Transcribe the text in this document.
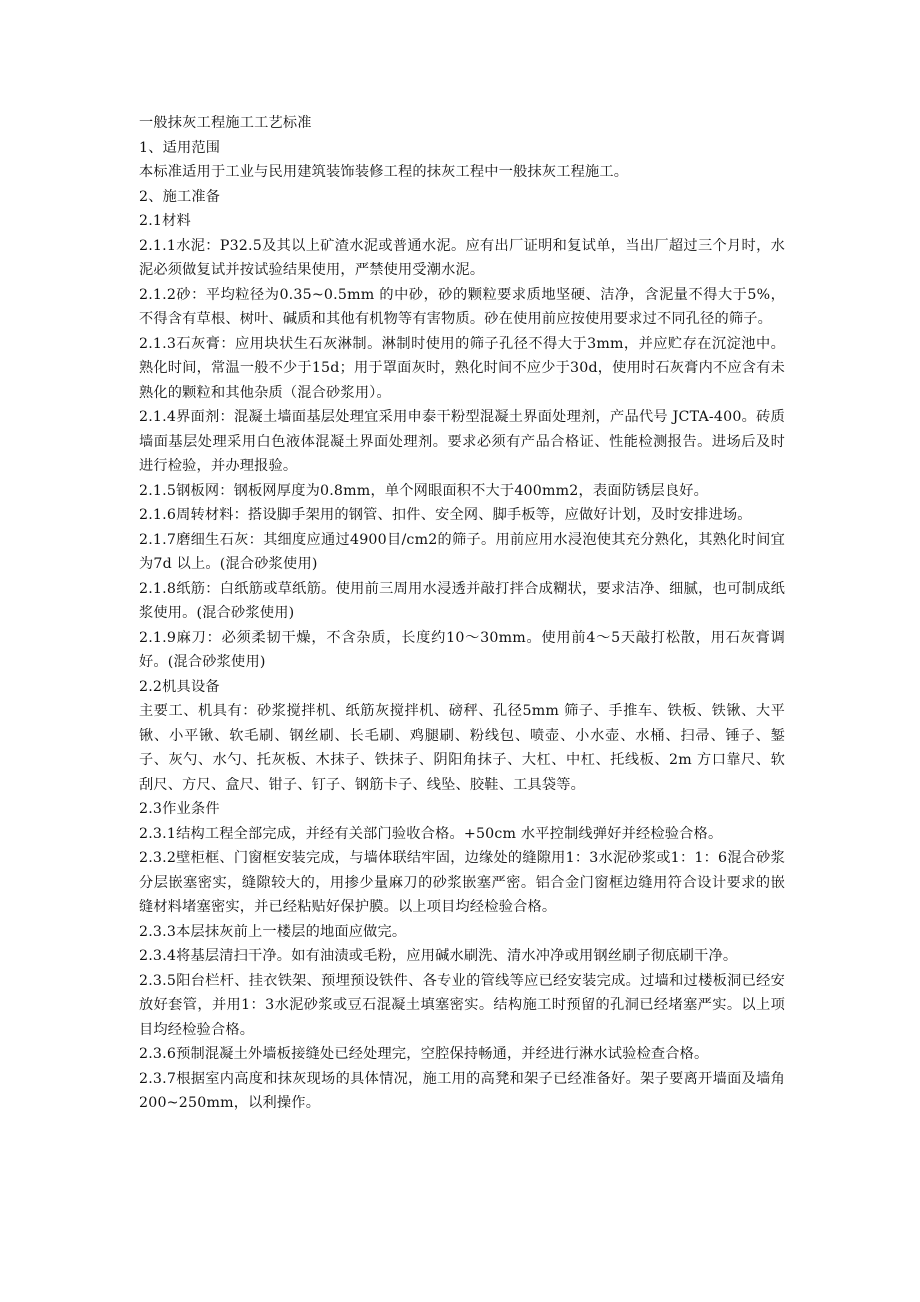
一般抹灰工程施工工艺标准

1、适用范围

本标准适用于工业与民用建筑装饰装修工程的抹灰工程中一般抹灰工程施工。

2、施工准备

2.1材料

2.1.1水泥：P32.5及其以上矿渣水泥或普通水泥。应有出厂证明和复试单，当出厂超过三个月时，水泥必须做复试并按试验结果使用，严禁使用受潮水泥。

2.1.2砂：平均粒径为0.35~0.5mm 的中砂，砂的颗粒要求质地坚硬、洁净，含泥量不得大于5%，不得含有草根、树叶、碱质和其他有机物等有害物质。砂在使用前应按使用要求过不同孔径的筛子。

2.1.3石灰膏：应用块状生石灰淋制。淋制时使用的筛子孔径不得大于3mm，并应贮存在沉淀池中。熟化时间，常温一般不少于15d；用于罩面灰时，熟化时间不应少于30d，使用时石灰膏内不应含有未熟化的颗粒和其他杂质（混合砂浆用）。

2.1.4界面剂：混凝土墙面基层处理宜采用申泰干粉型混凝土界面处理剂，产品代号 JCTA-400。砖质墙面基层处理采用白色液体混凝土界面处理剂。要求必须有产品合格证、性能检测报告。进场后及时进行检验，并办理报验。

2.1.5钢板网：钢板网厚度为0.8mm，单个网眼面积不大于400mm2，表面防锈层良好。

2.1.6周转材料：搭设脚手架用的钢管、扣件、安全网、脚手板等，应做好计划，及时安排进场。

2.1.7磨细生石灰：其细度应通过4900目/cm2的筛子。用前应用水浸泡使其充分熟化，其熟化时间宜为7d 以上。(混合砂浆使用)

2.1.8纸筋：白纸筋或草纸筋。使用前三周用水浸透并敲打拌合成糊状，要求洁净、细腻，也可制成纸浆使用。(混合砂浆使用)

2.1.9麻刀：必须柔韧干燥，不含杂质，长度约10～30mm。使用前4～5天敲打松散，用石灰膏调好。(混合砂浆使用)

2.2机具设备

主要工、机具有：砂浆搅拌机、纸筋灰搅拌机、磅秤、孔径5mm 筛子、手推车、铁板、铁锹、大平锹、小平锹、软毛刷、钢丝刷、长毛刷、鸡腿刷、粉线包、喷壶、小水壶、水桶、扫帚、锤子、錾子、灰勺、水勺、托灰板、木抹子、铁抹子、阴阳角抹子、大杠、中杠、托线板、2m 方口靠尺、软刮尺、方尺、盒尺、钳子、钉子、钢筋卡子、线坠、胶鞋、工具袋等。

2.3作业条件

2.3.1结构工程全部完成，并经有关部门验收合格。+50cm 水平控制线弹好并经检验合格。

2.3.2壁柜框、门窗框安装完成，与墙体联结牢固，边缘处的缝隙用1：3水泥砂浆或1：1：6混合砂浆分层嵌塞密实，缝隙较大的，用掺少量麻刀的砂浆嵌塞严密。铝合金门窗框边缝用符合设计要求的嵌缝材料堵塞密实，并已经粘贴好保护膜。以上项目均经检验合格。

2.3.3本层抹灰前上一楼层的地面应做完。

2.3.4将基层清扫干净。如有油渍或毛粉，应用碱水刷洗、清水冲净或用钢丝刷子彻底刷干净。

2.3.5阳台栏杆、挂衣铁架、预埋预设铁件、各专业的管线等应已经安装完成。过墙和过楼板洞已经安放好套管，并用1：3水泥砂浆或豆石混凝土填塞密实。结构施工时预留的孔洞已经堵塞严实。以上项目均经检验合格。

2.3.6预制混凝土外墙板接缝处已经处理完，空腔保持畅通，并经进行淋水试验检查合格。

2.3.7根据室内高度和抹灰现场的具体情况，施工用的高凳和架子已经准备好。架子要离开墙面及墙角200~250mm，以利操作。
